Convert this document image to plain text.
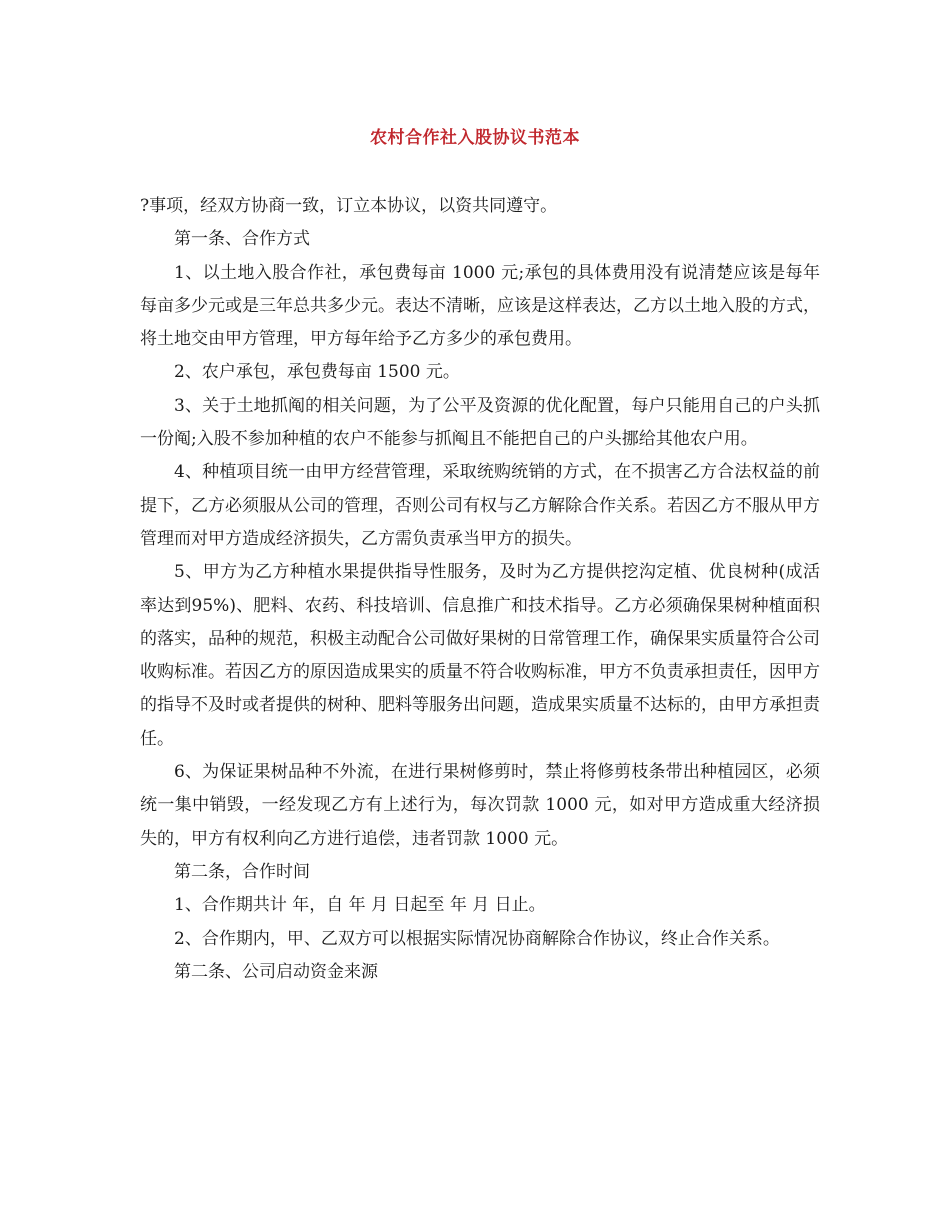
农村合作社入股协议书范本

?事项，经双方协商一致，订立本协议，以资共同遵守。

第一条、合作方式

1、以土地入股合作社，承包费每亩 1000 元;承包的具体费用没有说清楚应该是每年每亩多少元或是三年总共多少元。表达不清晰，应该是这样表达，乙方以土地入股的方式，将土地交由甲方管理，甲方每年给予乙方多少的承包费用。

2、农户承包，承包费每亩 1500 元。

3、关于土地抓阄的相关问题，为了公平及资源的优化配置，每户只能用自己的户头抓一份阄;入股不参加种植的农户不能参与抓阄且不能把自己的户头挪给其他农户用。

4、种植项目统一由甲方经营管理，采取统购统销的方式，在不损害乙方合法权益的前提下，乙方必须服从公司的管理，否则公司有权与乙方解除合作关系。若因乙方不服从甲方管理而对甲方造成经济损失，乙方需负责承当甲方的损失。

5、甲方为乙方种植水果提供指导性服务，及时为乙方提供挖沟定植、优良树种(成活率达到95%)、肥料、农药、科技培训、信息推广和技术指导。乙方必须确保果树种植面积的落实，品种的规范，积极主动配合公司做好果树的日常管理工作，确保果实质量符合公司收购标准。若因乙方的原因造成果实的质量不符合收购标准，甲方不负责承担责任，因甲方的指导不及时或者提供的树种、肥料等服务出问题，造成果实质量不达标的，由甲方承担责任。

6、为保证果树品种不外流，在进行果树修剪时，禁止将修剪枝条带出种植园区，必须统一集中销毁，一经发现乙方有上述行为，每次罚款 1000 元，如对甲方造成重大经济损失的，甲方有权利向乙方进行追偿，违者罚款 1000 元。

第二条，合作时间

1、合作期共计 年，自 年 月 日起至 年 月 日止。

2、合作期内，甲、乙双方可以根据实际情况协商解除合作协议，终止合作关系。

第二条、公司启动资金来源
